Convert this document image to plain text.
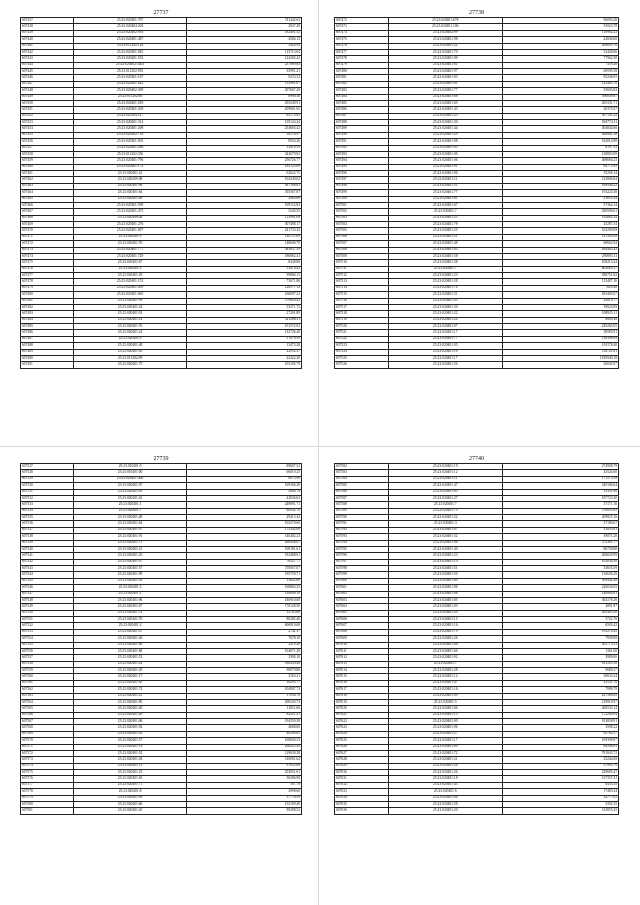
27737
607437	25:23:020401:797	741442.63
607438	25:23:020404:204	2947.28
607439	25:23:020402:916	182401.52
607440	25:23:020401:487	4566.12
607441	25:23:011202:124	3424.94
607442	25:23:020401:945	115713.04
607443	25:23:020401:553	124202.42
607444	25:23:020402:3403	237899.64
607445	25:23:011202:593	35991.21
607446	25:23:020401:167	9233.52
607447	25:23:020401:622	153981.07
607448	25:23:020402:369	307667.49
607449	25:23:011202:60	8990.36
607450	25:23:020401:018	205249.91
607451	25:23:020401:239	209801.05
607452	25:23:020304:517	65173.85
607453	25:23:020401:314	139124.24
607454	25:23:020401:208	254665.42
607455	25:23:020402:716	16176.97
607456	25:23:020401:503	8924.26
607457	25:23:020401:266	12919.59
607458	25:23:011202:356	342679.83
607459	25:23:020401:796	256726.77
607460	25:23:020401:172	185123.08
607461	25:23:020401:22	62622.75
607462	25:23:020209:08	104349.02
607463	25:23:020401:98	367188.63
607464	25:23:020401:64	355567.87
607465	25:23:020401:09	2985.68
607466	25:23:020401:590	109152.83
607467	25:23:020401:473	5245.55
607468	25:23:020406:04	115901.08
607469	25:23:020401:276	307498.17
607470	25:23:020401:007	241733.32
607471	25:23:020401:9	140711.69
607472	25:23:020401:76	148696.79
607473	25:23:020401:777	383857.59
607474	25:23:020401:729	186862.41
607475	25:23:020401:67	8438.80
607476	25:23:020401:3	53476.42
607477	25:23:020401:29	39884.13
607478	25:23:020401:133	73671.86
607479	25:23:020401:499	126577.12
607480	25:23:020401:665	166697.22
607481	25:23:020401:99	379826.42
607482	25:23:020401:42	53371.72
607483	25:23:020401:93	27201.89
607484	25:23:020401:14	321286.31
607485	25:23:020401:76	101572.02
607486	25:23:020401:24	132726.48
607487	25:23:020401:9	37676.59
607488	25:23:020401:48	13473.28
607489	25:23:020401:63	22952.37
607490	25:23:011202:99	22422.20
607491	25:23:020401:75	103105.79
27738
607472	25:23:020401:678	96093.28
607473	25:23:020401:106	55023.78
607474	25:23:020402:99	110962.23
607475	25:23:020401:98	42840.60
607476	25:23:020401:22	208695.76
607477	25:23:020401:79	52428.66
607478	25:23:020401:99	77962.38
607479	25:23:020401:61	7359.28
607480	25:23:020401:97	69595.58
607481	25:23:020401:03	95246.05
607482	25:23:020401:01	122463.76
607483	25:23:020401:77	35693.82
607484	25:23:020401:68	396049.87
607485	25:23:020401:69	265331.71
607486	25:23:020401:43	30379.57
607487	25:23:020401:23	307101.22
607488	25:23:020401:30	594774.11
607489	25:23:020401:44	304844.66
607490	25:23:020401:29	490661.28
607491	25:23:020401:08	162014.88
607492	25:23:020401:05	8197.33
607493	25:23:020401:06	128803.09
607494	25:23:020401:06	408684.23
607495	25:23:020401:91	82775.95
607496	25:23:020401:06	35294.14
607497	25:23:020401:11	123806.84
607498	25:23:020401:51	166946.22
607499	25:23:020401:77	193224.38
607500	25:23:020401:61	31835.24
607501	25:23:020401:67	57362.34
607502	25:23:020401:7	450596.61
607503	25:23:020401:25	192682.24
607504	25:23:020401:78	45287.54
607505	25:23:020401:25	102209.09
607506	25:23:020401:21	215305.49
607507	25:23:020401:48	60662.94
607508	25:23:020401:03	284405.42
607509	25:23:020401:58	250893.11
607510	25:23:020401:38	108213.24
607511	25:23:020401:7	602685.37
607512	25:23:020401:23	398751.82
607513	25:23:020401:58	115497.16
607514	25:23:020401:74	7629.48
607515	25:23:020401:31	655405.07
607516	25:23:020401:43	22019.77
607517	25:23:020401:30	39024.09
607518	25:23:020401:22	108925.11
607519	25:23:020401:24	8663.38
607520	25:23:020401:07	229265.05
607521	25:23:020401:17	38585.91
607522	25:23:020401:77	158308.09
607523	25:23:020401:95	191178.40
607524	25:23:020401:16	158721.61
607525	25:23:020401:17	1810940.18
607526	25:23:020401:56	20045.97
27739
607527	25:23:010401:9	89607.52
607528	25:23:010401:00	66019.25
607529	25:23:020401:400	6073.98
607530	25:23:020401:07	169166.28
607531	25:23:020401:61	3084.76
607532	25:23:020401:42	42036.63
607533	25:23:020401:1	249891.71
607534	25:23:020401:7	60432.70
607535	25:23:020401:48	29415.42
607536	25:23:020401:64	102570.60
607537	25:23:020401:07	175342.08
607538	25:23:020401:91	140402.23
607539	25:23:020401:73	260436.07
607540	25:23:020401:21	100181.61
607541	25:23:020401:25	182408.61
607542	25:23:020401:07	76527.77
607543	25:23:020401:57	370057.07
607544	25:23:020401:99	195759.71
607545	25:23:020401:03	15622.60
607546	25:23:020401:3	168865.35
607547	25:23:020401:1	130608.18
607548	25:23:020401:96	436910.68
607549	25:23:020401:67	170128.50
607550	25:23:020401:74	14763.68
607551	25:23:020401:70	80282.40
607552	25:23:020401:3	606019.68
607553	25:23:020401:07	2741.37
607554	25:23:020401:26	7678.10
607555	25:23:020401:06	3219.28
607556	25:23:020401:68	104671.20
607557	25:23:020401:52	3394.10
607558	25:23:020401:24	180430.46
607559	25:23:020401:29	90879.86
607560	25:23:020401:17	3163.21
607561	25:23:020401:45	16293.77
607562	25:23:020401:74	104907.73
607563	25:23:020401:25	17056.78
607564	25:23:020401:85	200345.73
607565	25:23:020401:20	11811.66
607566	25:23:020401:28	82451.41
607567	25:23:020401:06	194559.38
607568	25:23:020401:92	4668.00
607569	25:23:020401:43	40349.65
607570	25:23:020401:57	160840.53
607571	25:23:020401:14	260425.44
607572	25:23:020401:52	129639.28
607573	25:23:020401:04	310001.64
607574	25:23:020401:13	97652.88
607575	25:23:020401:23	253051.61
607576	25:23:020401:65	56306.99
607577	25:23:020401:71	187.78
607578	25:23:020401:8	4998.60
607579	25:23:020401:09	37776.59
607580	25:23:020401:66	161109.46
607581	25:23:020401:45	99298.52
27740
607582	25:23:020401:19	274908.79
607583	25:23:020401:12	43524.60
607584	25:23:020401:11	171573.58
607585	25:23:020401:47	345106.64
607586	25:23:020401:65	31351.98
607587	25:23:020401:27	197723.30
607588	25:23:020401:7	37171.16
607589	25:23:020401:75	578093.65
607590	25:23:020401:22	209825.16
607591	25:23:020401:3	37186.67
607592	25:23:020401:07	31853.61
607593	25:23:020401:32	39071.20
607594	25:23:020401:06	372301.77
607595	25:23:020401:40	80758.88
607596	25:23:020401:23	206639.99
607597	25:23:020401:10	103834.58
607598	25:23:020401:51	53655.59
607599	25:23:020401:50	116636.29
607600	25:23:020401:80	309442.26
607601	25:23:020401:96	226634.05
607602	25:23:020401:96	140064.01
607603	25:23:020401:85	304176.26
607604	25:23:020401:03	2891.87
607605	25:23:020401:20	265463.20
607606	25:23:020401:15	3722.76
607607	25:23:020401:16	6503.42
607608	25:23:020401:79	195270.45
607609	25:23:020401:26	7958.98
607610	25:23:020401:06	361773.31
607611	25:23:020401:66	1361.60
607612	25:23:020401:02	3980.06
607613	25:23:020401:7	912503.18
607614	25:23:020401:28	9680.37
607615	25:23:020401:12	30633.24
607616	25:23:020401:47	23131.76
607617	25:23:020401:16	7999.79
607618	25:23:020401:09	227568.45
607619	25:23:020401:5	129918.97
607620	25:23:020401:06	200533.14
607621	25:23:020401:15	172204.04
607622	25:23:020401:00	913858.91
607623	25:23:020401:96	3598.22
607624	25:23:020401:27	65762.57
607625	25:23:020401:17	109399.97
607626	25:23:020401:09	64586.03
607627	25:23:020401:72	701943.72
607628	25:23:020401:21	23244.08
607629	25:23:020401:28	37993.79
607630	25:23:020401:26	229685.47
607631	25:23:020401:18	157357.41
607632	25:23:020401:43	6453.35
607633	25:23:020401:6	17483.34
607634	25:23:020401:06	34777.02
607635	25:23:020401:58	5392.35
607636	25:23:020401:20	314955.25
